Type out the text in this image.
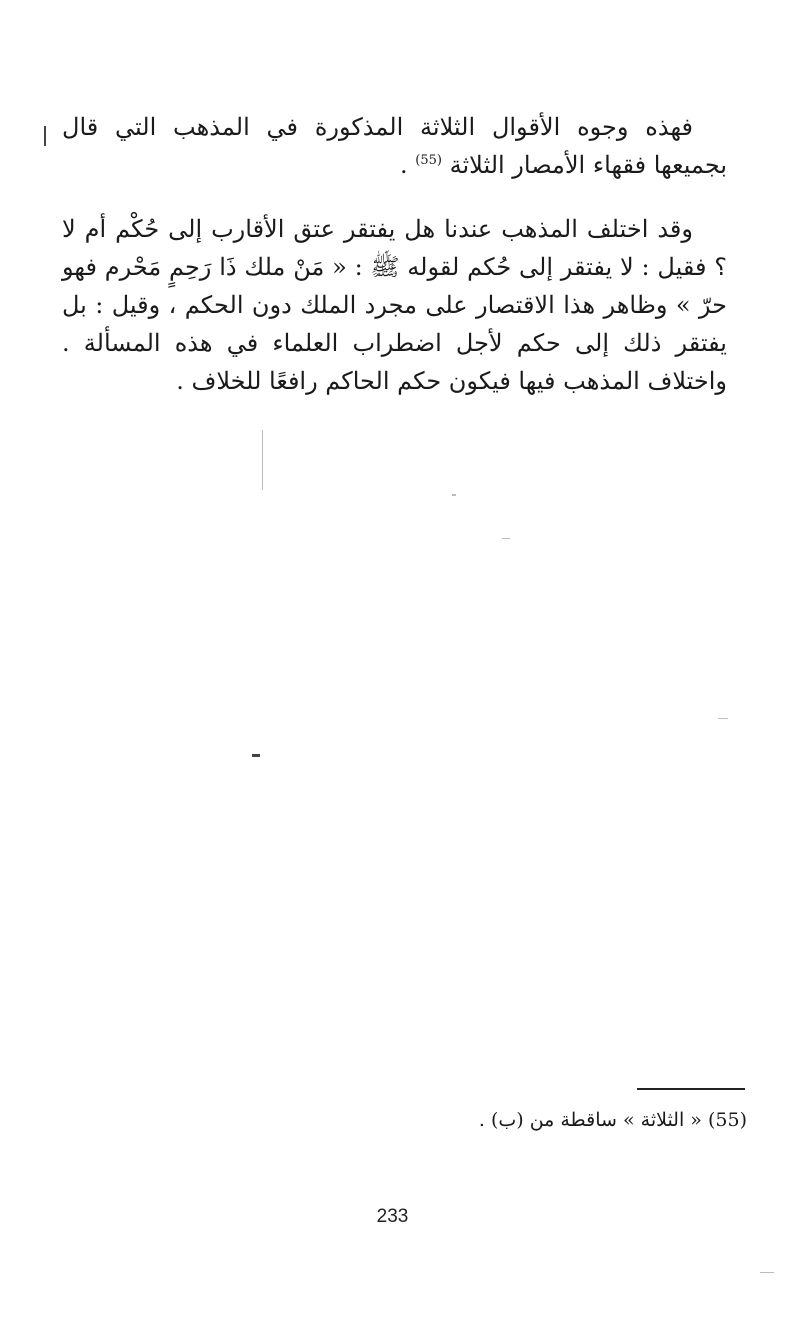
فهذه وجوه الأقوال الثلاثة المذكورة في المذهب التي قال بجميعها فقهاء الأمصار الثلاثة $^{(55)}$ .

وقد اختلف المذهب عندنا هل يفتقر عتق الأقارب إلى حُكْم أم لا ؟ فقيل : لا يفتقر إلى حُكم لقوله ﷺ : « مَنْ ملك ذَا رَحِمٍ مَحْرم فهو حرّ » وظاهر هذا الاقتصار على مجرد الملك دون الحكم ، وقيل : بل يفتقر ذلك إلى حكم لأجل اضطراب العلماء في هذه المسألة . واختلاف المذهب فيها فيكون حكم الحاكم رافعًا للخلاف .

(55) « الثلاثة » ساقطة من (ب) .

233
